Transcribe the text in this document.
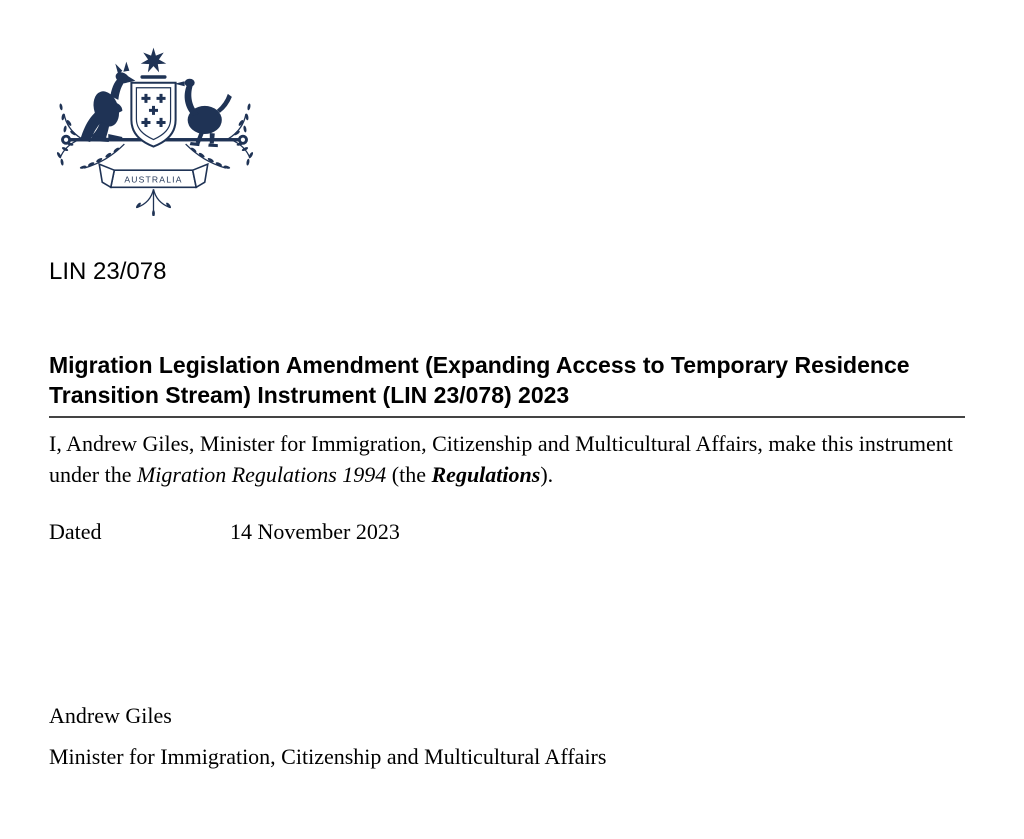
AUSTRALIA
LIN 23/078
Migration Legislation Amendment (Expanding Access to Temporary Residence Transition Stream) Instrument (LIN 23/078) 2023

I, Andrew Giles, Minister for Immigration, Citizenship and Multicultural Affairs, make this instrument under the Migration Regulations 1994 (the Regulations).

Dated	14 November 2023
Andrew Giles
Minister for Immigration, Citizenship and Multicultural Affairs
